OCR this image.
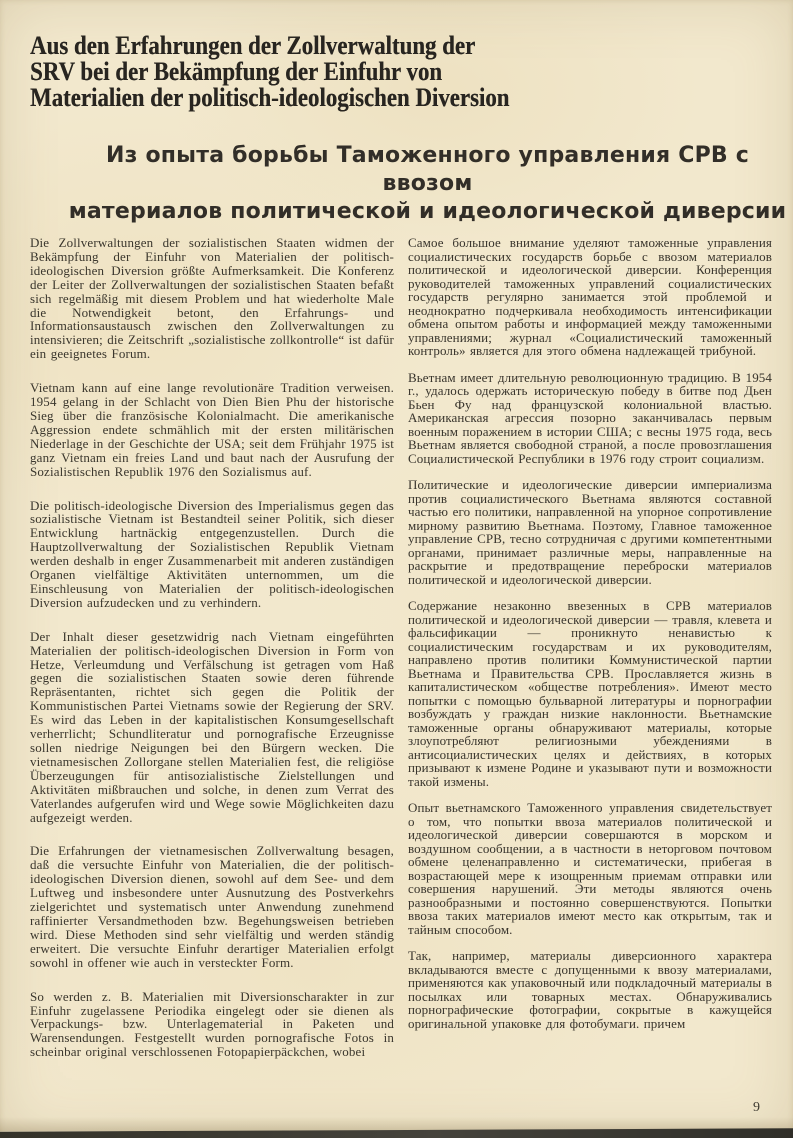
Aus den Erfahrungen der Zollverwaltung der
SRV bei der Bekämpfung der Einfuhr von
Materialien der politisch-ideologischen Diversion
Из опыта борьбы Таможенного управления СРВ с ввозом
материалов политической и идеологической диверсии

Die Zollverwaltungen der sozialistischen Staaten widmen der Bekämpfung der Einfuhr von Materialien der politisch-ideologischen Diversion größte Aufmerksamkeit. Die Konferenz der Leiter der Zollverwaltungen der sozialistischen Staaten befaßt sich regelmäßig mit diesem Problem und hat wiederholte Male die Notwendigkeit betont, den Erfahrungs- und Informationsaustausch zwischen den Zollverwaltungen zu intensivieren; die Zeitschrift „sozialistische zollkontrolle“ ist dafür ein geeignetes Forum.

Vietnam kann auf eine lange revolutionäre Tradition verweisen. 1954 gelang in der Schlacht von Dien Bien Phu der historische Sieg über die französische Kolonialmacht. Die amerikanische Aggression endete schmählich mit der ersten militärischen Niederlage in der Geschichte der USA; seit dem Frühjahr 1975 ist ganz Vietnam ein freies Land und baut nach der Ausrufung der Sozialistischen Republik 1976 den Sozialismus auf.

Die politisch-ideologische Diversion des Imperialismus gegen das sozialistische Vietnam ist Bestandteil seiner Politik, sich dieser Entwicklung hartnäckig entgegenzustellen. Durch die Hauptzollverwaltung der Sozialistischen Republik Vietnam werden deshalb in enger Zusammenarbeit mit anderen zuständigen Organen vielfältige Aktivitäten unternommen, um die Einschleusung von Materialien der politisch-ideologischen Diversion aufzudecken und zu verhindern.

Der Inhalt dieser gesetzwidrig nach Vietnam eingeführten Materialien der politisch-ideologischen Diversion in Form von Hetze, Verleumdung und Verfälschung ist getragen vom Haß gegen die sozialistischen Staaten sowie deren führende Repräsentanten, richtet sich gegen die Politik der Kommunistischen Partei Vietnams sowie der Regierung der SRV. Es wird das Leben in der kapitalistischen Konsumgesellschaft verherrlicht; Schundliteratur und pornografische Erzeugnisse sollen niedrige Neigungen bei den Bürgern wecken. Die vietnamesischen Zollorgane stellen Materialien fest, die religiöse Überzeugungen für antisozialistische Zielstellungen und Aktivitäten mißbrauchen und solche, in denen zum Verrat des Vaterlandes aufgerufen wird und Wege sowie Möglichkeiten dazu aufgezeigt werden.

Die Erfahrungen der vietnamesischen Zollverwaltung besagen, daß die versuchte Einfuhr von Materialien, die der politisch-ideologischen Diversion dienen, sowohl auf dem See- und dem Luftweg und insbesondere unter Ausnutzung des Postverkehrs zielgerichtet und systematisch unter Anwendung zunehmend raffinierter Versandmethoden bzw. Begehungsweisen betrieben wird. Diese Methoden sind sehr vielfältig und werden ständig erweitert. Die versuchte Einfuhr derartiger Materialien erfolgt sowohl in offener wie auch in versteckter Form.

So werden z. B. Materialien mit Diversionscharakter in zur Einfuhr zugelassene Periodika eingelegt oder sie dienen als Verpackungs- bzw. Unterlagematerial in Paketen und Warensendungen. Festgestellt wurden pornografische Fotos in scheinbar original verschlossenen Fotopapierpäckchen, wobei

Самое большое внимание уделяют таможенные управления социалистических государств борьбе с ввозом материалов политической и идеологической диверсии. Конференция руководителей таможенных управлений социалистических государств регулярно занимается этой проблемой и неоднократно подчеркивала необходимость интенсификации обмена опытом работы и информацией между таможенными управлениями; журнал «Социалистический таможенный контроль» является для этого обмена надлежащей трибуной.

Вьетнам имеет длительную революционную традицию. В 1954 г., удалось одержать историческую победу в битве под Дьен Бьен Фу над французской колониальной властью. Американская агрессия позорно заканчивалась первым военным поражением в истории США; с весны 1975 года, весь Вьетнам является свободной страной, а после провозглашения Социалистической Республики в 1976 году строит социализм.

Политические и идеологические диверсии империализма против социалистического Вьетнама являются составной частью его политики, направленной на упорное сопротивление мирному развитию Вьетнама. Поэтому, Главное таможенное управление СРВ, тесно сотрудничая с другими компетентными органами, принимает различные меры, направленные на раскрытие и предотвращение переброски материалов политической и идеологической диверсии.

Содержание незаконно ввезенных в СРВ материалов политической и идеологической диверсии — травля, клевета и фальсификации — проникнуто ненавистью к социалистическим государствам и их руководителям, направлено против политики Коммунистической партии Вьетнама и Правительства СРВ. Прославляется жизнь в капиталистическом «обществе потребления». Имеют место попытки с помощью бульварной литературы и порнографии возбуждать у граждан низкие наклонности. Вьетнамские таможенные органы обнаруживают материалы, которые злоупотребляют религиозными убеждениями в антисоциалистических целях и действиях, в которых призывают к измене Родине и указывают пути и возможности такой измены.

Опыт вьетнамского Таможенного управления свидетельствует о том, что попытки ввоза материалов политической и идеологической диверсии совершаются в морском и воздушном сообщении, а в частности в неторговом почтовом обмене целенаправленно и систематически, прибегая в возрастающей мере к изощренным приемам отправки или совершения нарушений. Эти методы являются очень разнообразными и постоянно совершенствуются. Попытки ввоза таких материалов имеют место как открытым, так и тайным способом.

Так, например, материалы диверсионного характера вкладываются вместе с допущенными к ввозу материалами, применяются как упаковочный или подкладочный материалы в посылках или товарных местах. Обнаруживались порнографические фотографии, сокрытые в кажущейся оригинальной упаковке для фотобумаги. причем

9
